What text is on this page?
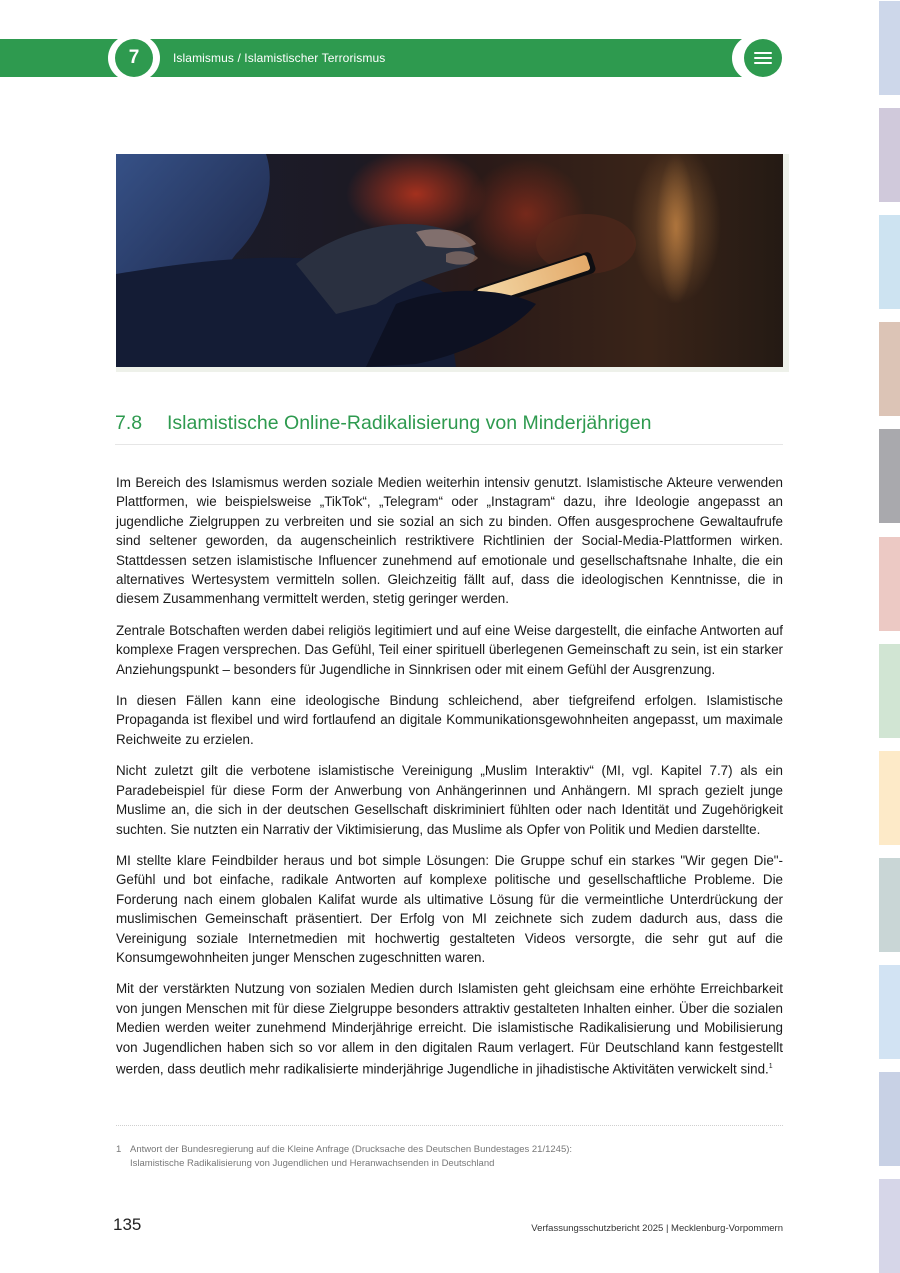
7	Islamismus / Islamistischer Terrorismus
7.8 Islamistische Online-Radikalisierung von Minderjährigen

Im Bereich des Islamismus werden soziale Medien weiterhin intensiv genutzt. Islamistische Akteure verwenden Plattformen, wie beispielsweise „TikTok“, „Telegram“ oder „Instagram“ dazu, ihre Ideologie angepasst an jugendliche Zielgruppen zu verbreiten und sie sozial an sich zu binden. Offen ausgesprochene Gewaltaufrufe sind seltener geworden, da augenscheinlich restriktivere Richtlinien der Social-Media-Plattformen wirken. Stattdessen setzen islamistische Influencer zunehmend auf emotionale und gesellschaftsnahe Inhalte, die ein alternatives Wertesystem vermitteln sollen. Gleichzeitig fällt auf, dass die ideologischen Kenntnisse, die in diesem Zusammenhang vermittelt werden, stetig geringer werden.

Zentrale Botschaften werden dabei religiös legitimiert und auf eine Weise dargestellt, die einfache Antworten auf komplexe Fragen versprechen. Das Gefühl, Teil einer spirituell überlegenen Gemeinschaft zu sein, ist ein starker Anziehungspunkt – besonders für Jugendliche in Sinnkrisen oder mit einem Gefühl der Ausgrenzung.

In diesen Fällen kann eine ideologische Bindung schleichend, aber tiefgreifend erfolgen. Islamistische Propaganda ist flexibel und wird fortlaufend an digitale Kommunikationsgewohnheiten angepasst, um maximale Reichweite zu erzielen.

Nicht zuletzt gilt die verbotene islamistische Vereinigung „Muslim Interaktiv“ (MI, vgl. Kapitel 7.7) als ein Paradebeispiel für diese Form der Anwerbung von Anhängerinnen und Anhängern. MI sprach gezielt junge Muslime an, die sich in der deutschen Gesellschaft diskriminiert fühlten oder nach Identität und Zugehörigkeit suchten. Sie nutzten ein Narrativ der Viktimisierung, das Muslime als Opfer von Politik und Medien darstellte.

MI stellte klare Feindbilder heraus und bot simple Lösungen: Die Gruppe schuf ein starkes "Wir gegen Die"-Gefühl und bot einfache, radikale Antworten auf komplexe politische und gesellschaftliche Probleme. Die Forderung nach einem globalen Kalifat wurde als ultimative Lösung für die vermeintliche Unterdrückung der muslimischen Gemeinschaft präsentiert. Der Erfolg von MI zeichnete sich zudem dadurch aus, dass die Vereinigung soziale Internetmedien mit hochwertig gestalteten Videos versorgte, die sehr gut auf die Konsumgewohnheiten junger Menschen zugeschnitten waren.

Mit der verstärkten Nutzung von sozialen Medien durch Islamisten geht gleichsam eine erhöhte Erreichbarkeit von jungen Menschen mit für diese Zielgruppe besonders attraktiv gestalteten Inhalten einher. Über die sozialen Medien werden weiter zunehmend Minderjährige erreicht. Die islamistische Radikalisierung und Mobilisierung von Jugendlichen haben sich so vor allem in den digitalen Raum verlagert. Für Deutschland kann festgestellt werden, dass deutlich mehr radikalisierte minderjährige Jugendliche in jihadistische Aktivitäten verwickelt sind.$^1$

1 Antwort der Bundesregierung auf die Kleine Anfrage (Drucksache des Deutschen Bundestages 21/1245):
Islamistische Radikalisierung von Jugendlichen und Heranwachsenden in Deutschland
135	Verfassungsschutzbericht 2025 | Mecklenburg-Vorpommern
